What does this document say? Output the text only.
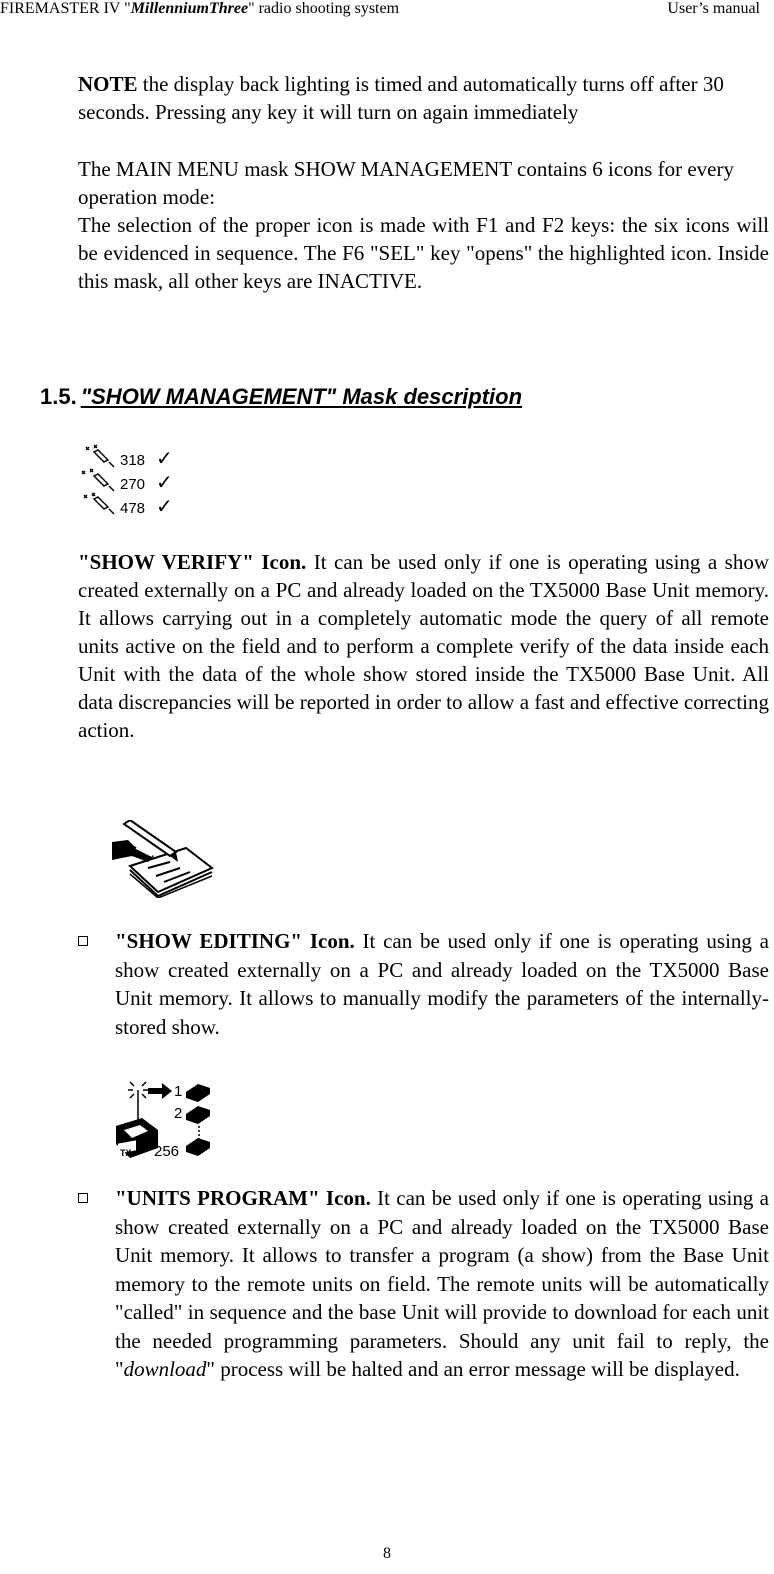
FIREMASTER IV "MillenniumThree" radio shooting system	User’s manual
NOTE the display back lighting is timed and automatically turns off after 30 seconds. Pressing any key it will turn on again immediately
The MAIN MENU mask SHOW MANAGEMENT contains 6 icons for every operation mode:
The selection of the proper icon is made with F1 and F2 keys: the six icons will be evidenced in sequence. The F6 "SEL" key "opens" the highlighted icon. Inside this mask, all other keys are INACTIVE.
1.5. "SHOW MANAGEMENT" Mask description
318 ✓
270 ✓
478 ✓
"SHOW VERIFY" Icon. It can be used only if one is operating using a show created externally on a PC and already loaded on the TX5000 Base Unit memory. It allows carrying out in a completely automatic mode the query of all remote units active on the field and to perform a complete verify of the data inside each Unit with the data of the whole show stored inside the TX5000 Base Unit. All data discrepancies will be reported in order to allow a fast and effective correcting action.
"SHOW EDITING" Icon. It can be used only if one is operating using a show created externally on a PC and already loaded on the TX5000 Base Unit memory. It allows to manually modify the parameters of the internally-stored show.
TX
1
2
256
"UNITS PROGRAM" Icon. It can be used only if one is operating using a show created externally on a PC and already loaded on the TX5000 Base Unit memory. It allows to transfer a program (a show) from the Base Unit memory to the remote units on field. The remote units will be automatically "called" in sequence and the base Unit will provide to download for each unit the needed programming parameters. Should any unit fail to reply, the "download" process will be halted and an error message will be displayed.
8
